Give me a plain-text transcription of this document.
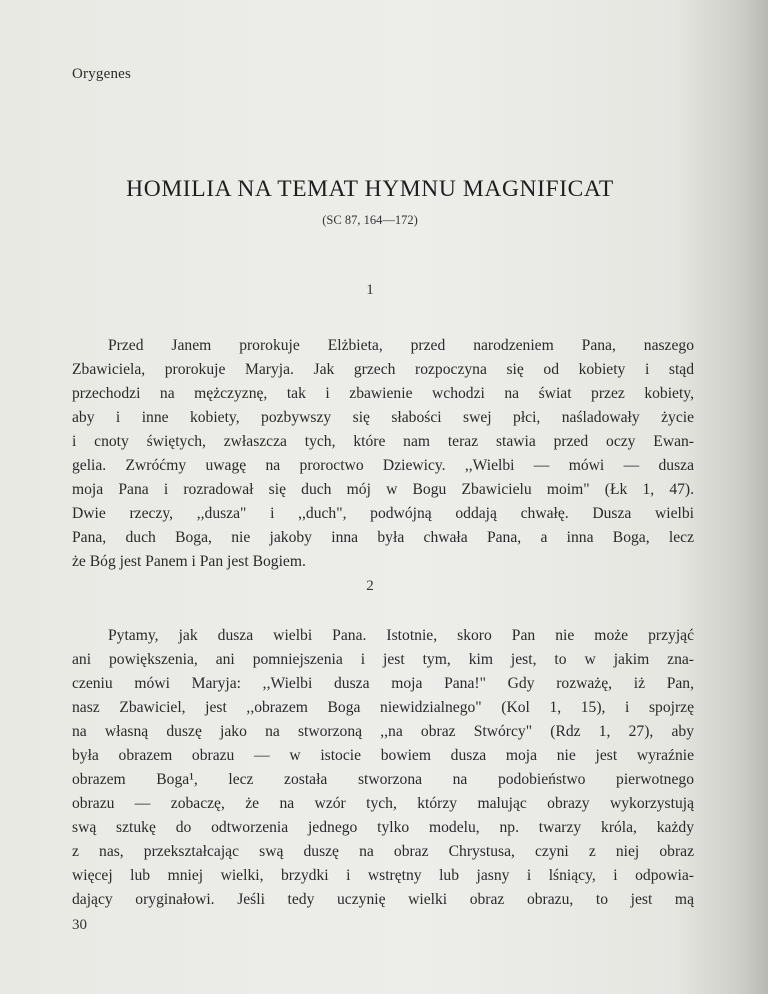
Orygenes
HOMILIA NA TEMAT HYMNU MAGNIFICAT
(SC 87, 164—172)
1
Przed Janem prorokuje Elżbieta, przed narodzeniem Pana, naszego
Zbawiciela, prorokuje Maryja. Jak grzech rozpoczyna się od kobiety i stąd
przechodzi na mężczyznę, tak i zbawienie wchodzi na świat przez kobiety,
aby i inne kobiety, pozbywszy się słabości swej płci, naśladowały życie
i cnoty świętych, zwłaszcza tych, które nam teraz stawia przed oczy Ewan-
gelia. Zwróćmy uwagę na proroctwo Dziewicy. ,,Wielbi — mówi — dusza
moja Pana i rozradował się duch mój w Bogu Zbawicielu moim" (Łk 1, 47).
Dwie rzeczy, ,,dusza" i ,,duch", podwójną oddają chwałę. Dusza wielbi
Pana, duch Boga, nie jakoby inna była chwała Pana, a inna Boga, lecz
że Bóg jest Panem i Pan jest Bogiem.
2
Pytamy, jak dusza wielbi Pana. Istotnie, skoro Pan nie może przyjąć
ani powiększenia, ani pomniejszenia i jest tym, kim jest, to w jakim zna-
czeniu mówi Maryja: ,,Wielbi dusza moja Pana!" Gdy rozważę, iż Pan,
nasz Zbawiciel, jest ,,obrazem Boga niewidzialnego" (Kol 1, 15), i spojrzę
na własną duszę jako na stworzoną ,,na obraz Stwórcy" (Rdz 1, 27), aby
była obrazem obrazu — w istocie bowiem dusza moja nie jest wyraźnie
obrazem Boga¹, lecz została stworzona na podobieństwo pierwotnego
obrazu — zobaczę, że na wzór tych, którzy malując obrazy wykorzystują
swą sztukę do odtworzenia jednego tylko modelu, np. twarzy króla, każdy
z nas, przekształcając swą duszę na obraz Chrystusa, czyni z niej obraz
więcej lub mniej wielki, brzydki i wstrętny lub jasny i lśniący, i odpowia-
dający oryginałowi. Jeśli tedy uczynię wielki obraz obrazu, to jest mą
30
